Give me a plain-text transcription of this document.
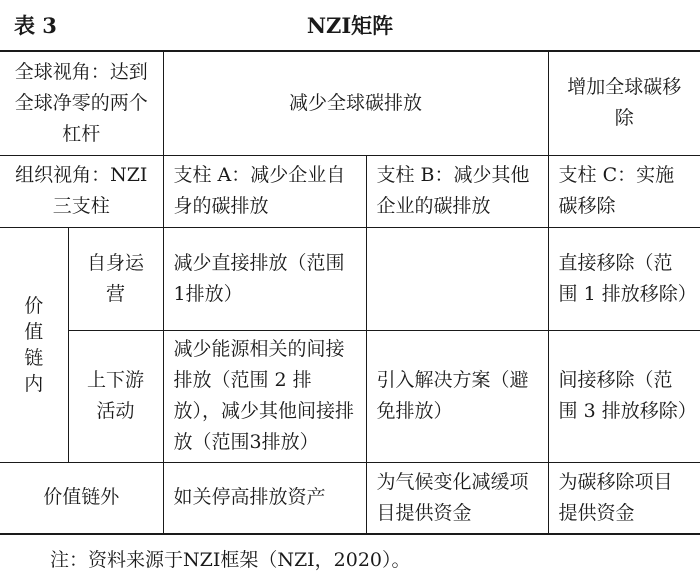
表 3	NZI矩阵
全球视角：达到全球净零的两个杠杆		减少全球碳排放		增加全球碳移除
组织视角：NZI 三支柱		支柱 A：减少企业自身的碳排放	支柱 B：减少其他企业的碳排放	支柱 C：实施碳移除

价值链内	自身运营	减少直接排放（范围1排放）		直接移除（范围 1 排放移除）
	上下游活动	减少能源相关的间接排放（范围 2 排放），减少其他间接排放（范围3排放）	引入解决方案（避免排放）	间接移除（范围 3 排放移除）
价值链外		如关停高排放资产	为气候变化减缓项目提供资金	为碳移除项目提供资金
注：资料来源于NZI框架（NZI，2020）。
